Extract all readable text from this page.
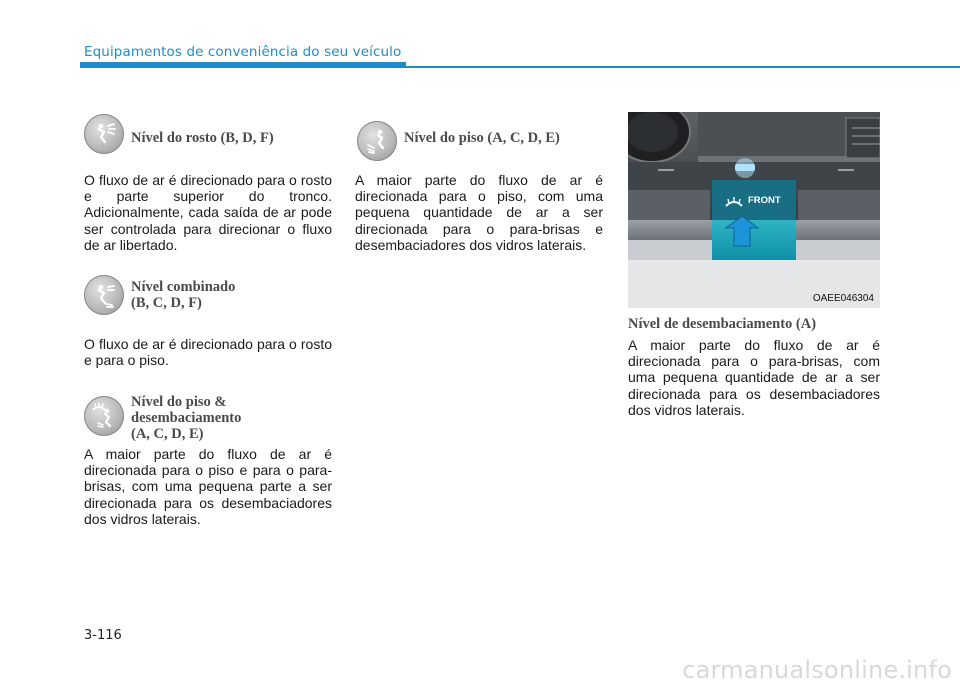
Equipamentos de conveniência do seu veículo
Nível do rosto (B, D, F)

O fluxo de ar é direcionado para o rosto e parte superior do tronco. Adicionalmente, cada saída de ar pode ser controlada para direcionar o fluxo de ar libertado.

Nível combinado
(B, C, D, F)

O fluxo de ar é direcionado para o rosto e para o piso.

Nível do piso &
desembaciamento
(A, C, D, E)

A maior parte do fluxo de ar é direcionada para o piso e para o para-brisas, com uma pequena parte a ser direcionada para os desembaciadores dos vidros laterais.

Nível do piso (A, C, D, E)

A maior parte do fluxo de ar é direcionada para o piso, com uma pequena quantidade de ar a ser direcionada para o para-brisas e desembaciadores dos vidros laterais.

FRONT
OAEE046304
Nível de desembaciamento (A)

A maior parte do fluxo de ar é direcionada para o para-brisas, com uma pequena quantidade de ar a ser direcionada para os desembaciadores dos vidros laterais.

3-116
carmanualsonline.info
